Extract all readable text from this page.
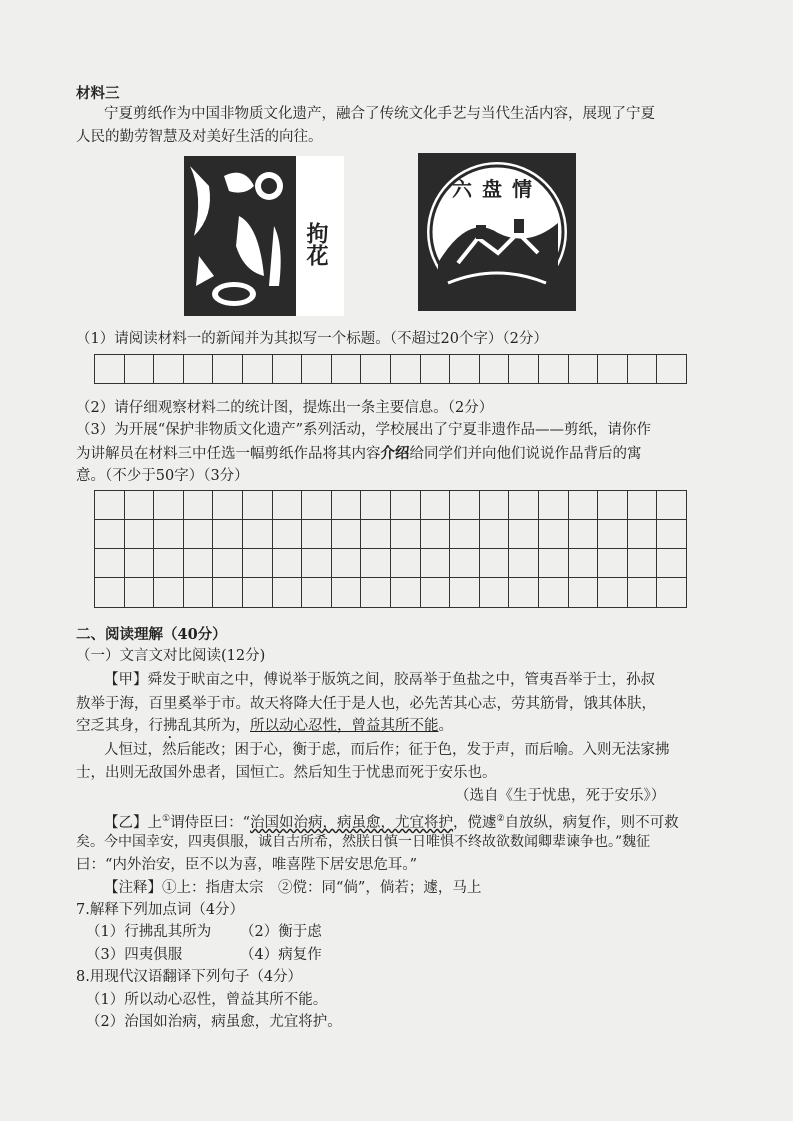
材料三
宁夏剪纸作为中国非物质文化遗产，融合了传统文化手艺与当代生活内容，展现了宁夏
人民的勤劳智慧及对美好生活的向往。
拘花
六盘情
（1）请阅读材料一的新闻并为其拟写一个标题。（不超过20个字）（2分）
（2）请仔细观察材料二的统计图，提炼出一条主要信息。（2分）
（3）为开展“保护非物质文化遗产”系列活动，学校展出了宁夏非遗作品——剪纸，请你作
为讲解员在材料三中任选一幅剪纸作品将其内容介绍给同学们并向他们说说作品背后的寓
意。（不少于50字）（3分）
二、阅读理解（40分）
（一）文言文对比阅读(12分)
【甲】舜发于畎亩之中，傅说举于版筑之间，胶鬲举于鱼盐之中，管夷吾举于士，孙叔
敖举于海，百里奚举于市。故天将降大任于是人也，必先苦其心志，劳其筋骨，饿其体肤，
空乏其身，行拂乱其所为，所以动心忍性，曾益其所不能。
人恒过，然后能改；困于心，衡于虑，而后作；征于色，发于声，而后喻。入则无法家拂
士，出则无敌国外患者，国恒亡。然后知生于忧患而死于安乐也。
（选自《生于忧患，死于安乐》）
【乙】上①谓侍臣曰：“治国如治病，病虽愈，尤宜将护，傥遽②自放纵，病复作，则不可救
矣。今中国幸安，四夷俱服，诚自古所希，然朕日慎一日唯惧不终故欲数闻卿辈谏争也。”魏征
曰：“内外治安，臣不以为喜，唯喜陛下居安思危耳。”
【注释】①上：指唐太宗　②傥：同“倘”，倘若；遽，马上
7.解释下列加点词（4分）
（1）行拂乱其所为 （2）衡于虑
（3）四夷俱服	（4）病复作
8.用现代汉语翻译下列句子（4分）
（1）所以动心忍性，曾益其所不能。
（2）治国如治病，病虽愈，尤宜将护。
